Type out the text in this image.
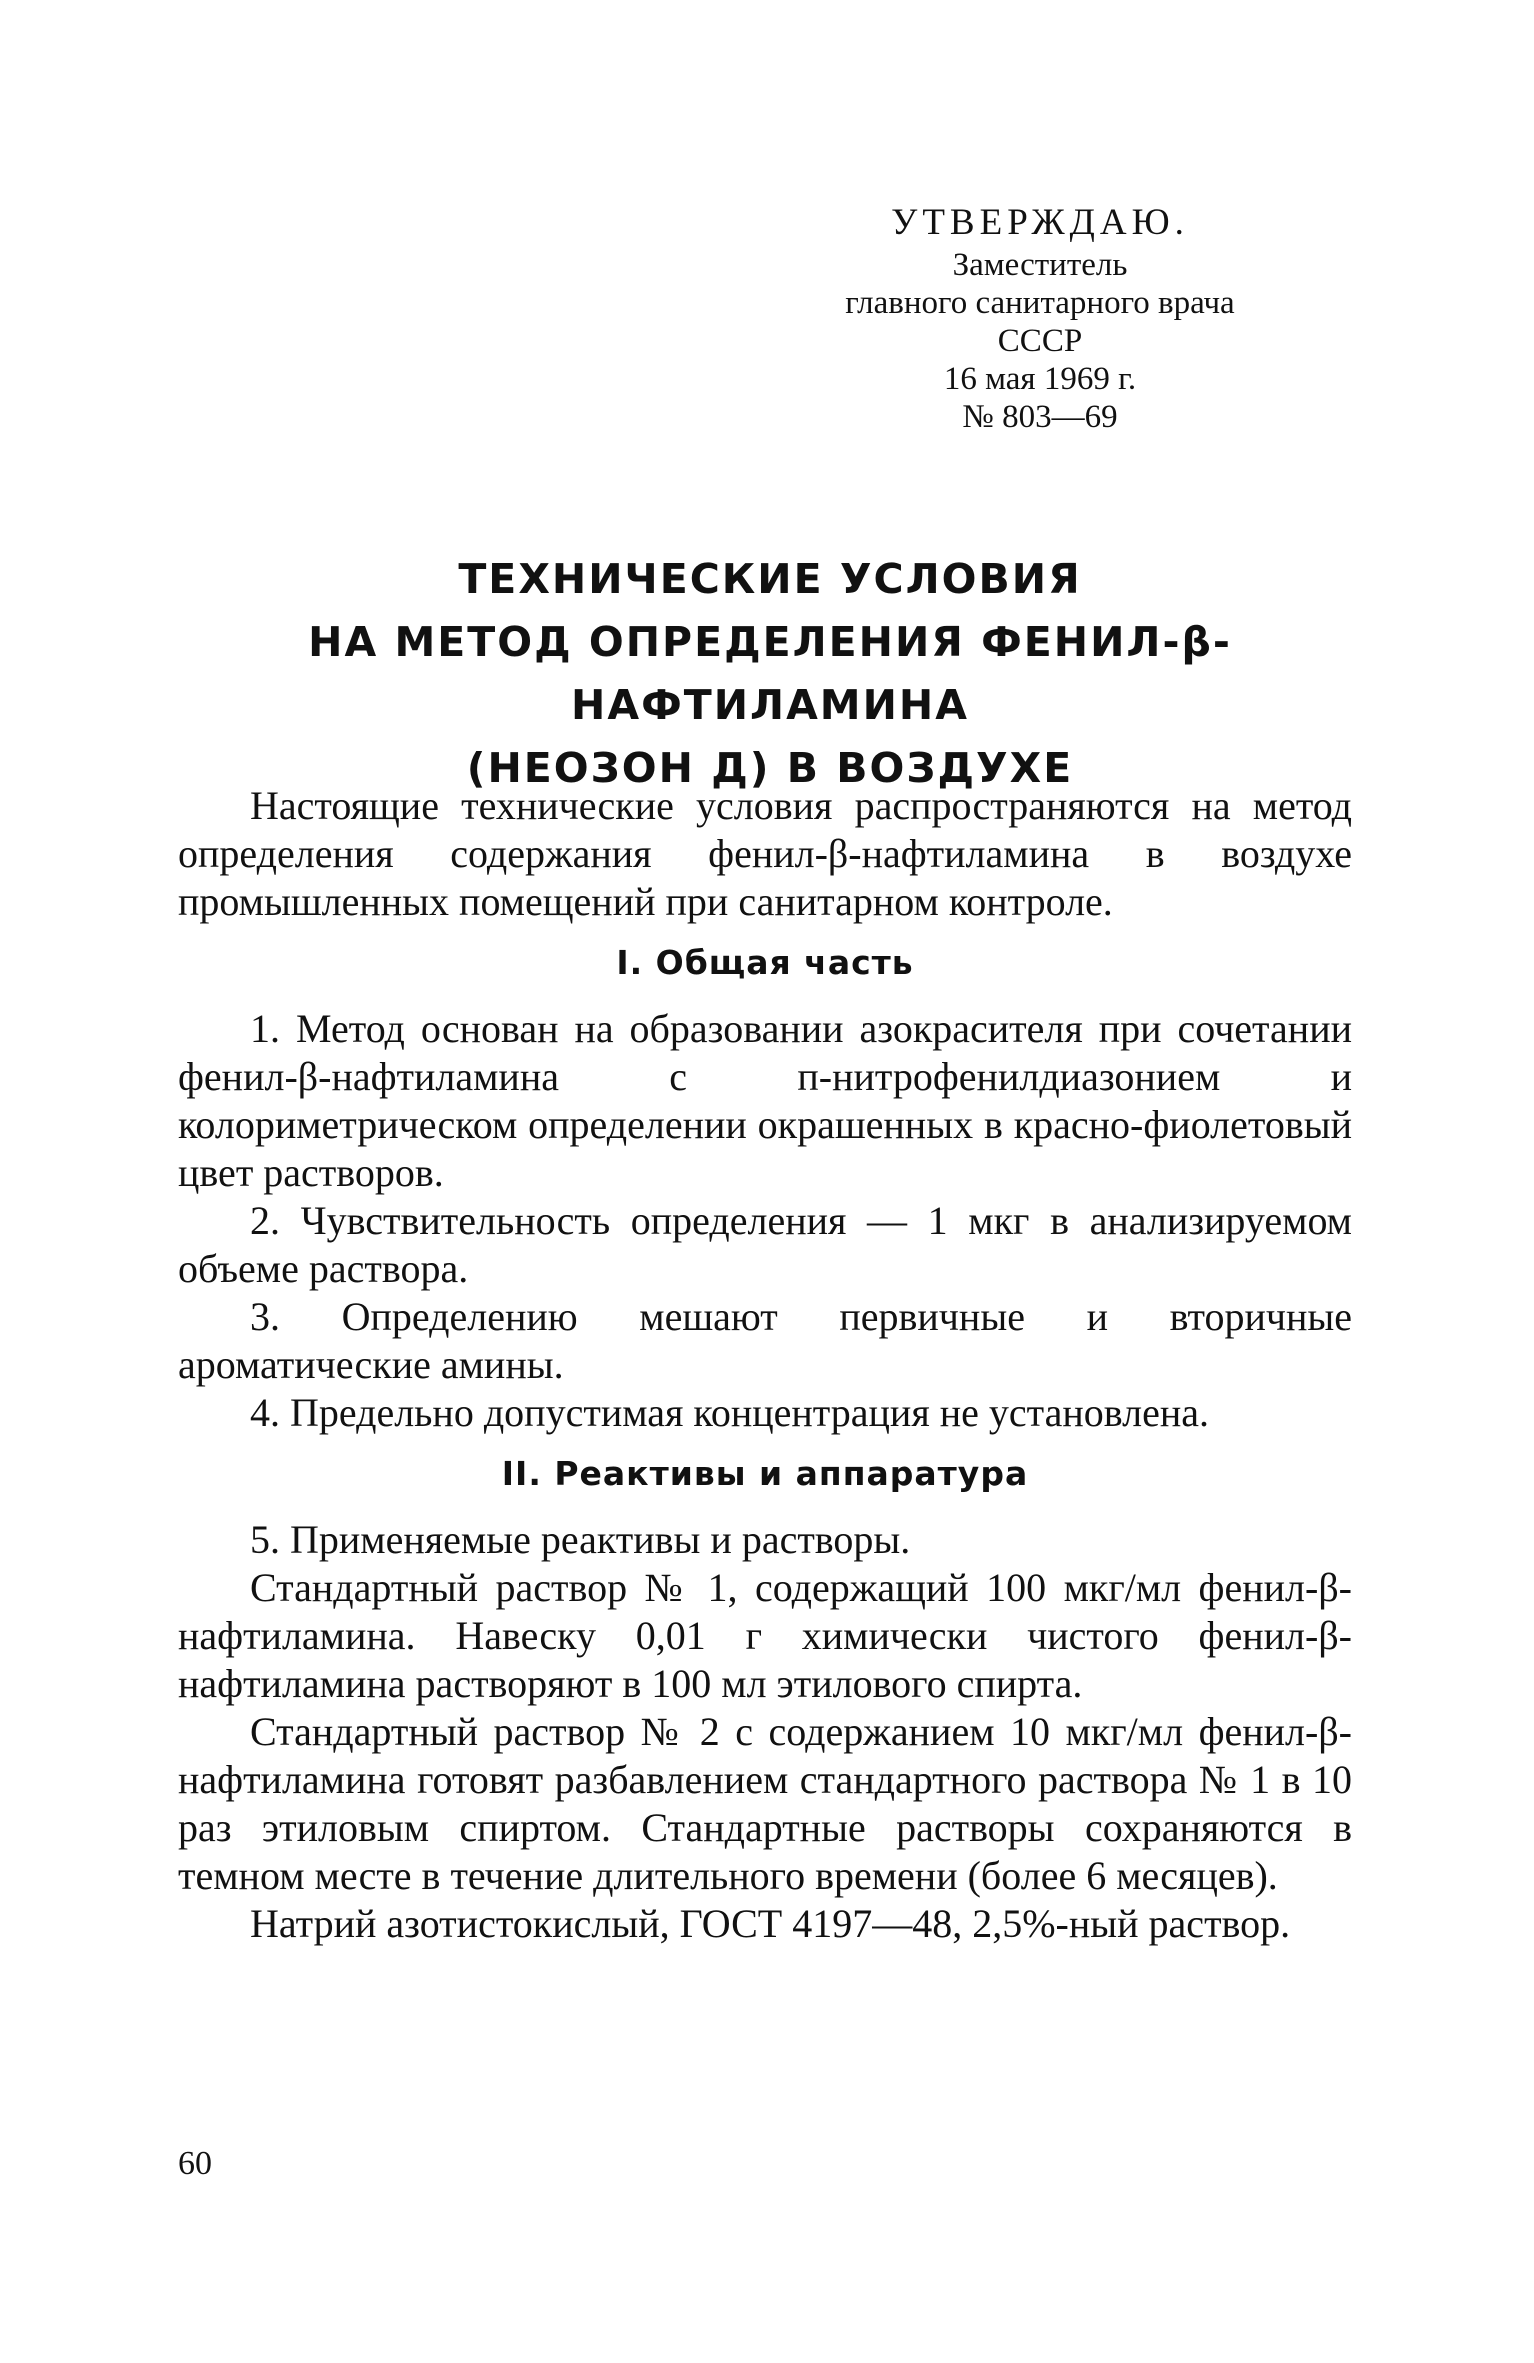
УТВЕРЖДАЮ.
Заместитель
главного санитарного врача
СССР
16 мая 1969 г.
№ 803—69
ТЕХНИЧЕСКИЕ УСЛОВИЯ
НА МЕТОД ОПРЕДЕЛЕНИЯ ФЕНИЛ-β-
НАФТИЛАМИНА
(НЕОЗОН Д) В ВОЗДУХЕ

Настоящие технические условия распространяются на метод определения содержания фенил-β-нафтиламина в воздухе промышленных помещений при санитарном контроле.

I. Общая часть

1. Метод основан на образовании азокрасителя при сочетании фенил-β-нафтиламина с п-нитрофенилдиазонием и колориметрическом определении окрашенных в красно-фиолетовый цвет растворов.

2. Чувствительность определения — 1 мкг в анализируемом объеме раствора.

3. Определению мешают первичные и вторичные ароматические амины.

4. Предельно допустимая концентрация не установлена.

II. Реактивы и аппаратура

5. Применяемые реактивы и растворы.

Стандартный раствор № 1, содержащий 100 мкг/мл фенил-β-нафтиламина. Навеску 0,01 г химически чистого фенил-β-нафтиламина растворяют в 100 мл этилового спирта.

Стандартный раствор № 2 с содержанием 10 мкг/мл фенил-β-нафтиламина готовят разбавлением стандартного раствора № 1 в 10 раз этиловым спиртом. Стандартные растворы сохраняются в темном месте в течение длительного времени (более 6 месяцев).

Натрий азотистокислый, ГОСТ 4197—48, 2,5%-ный раствор.

60
